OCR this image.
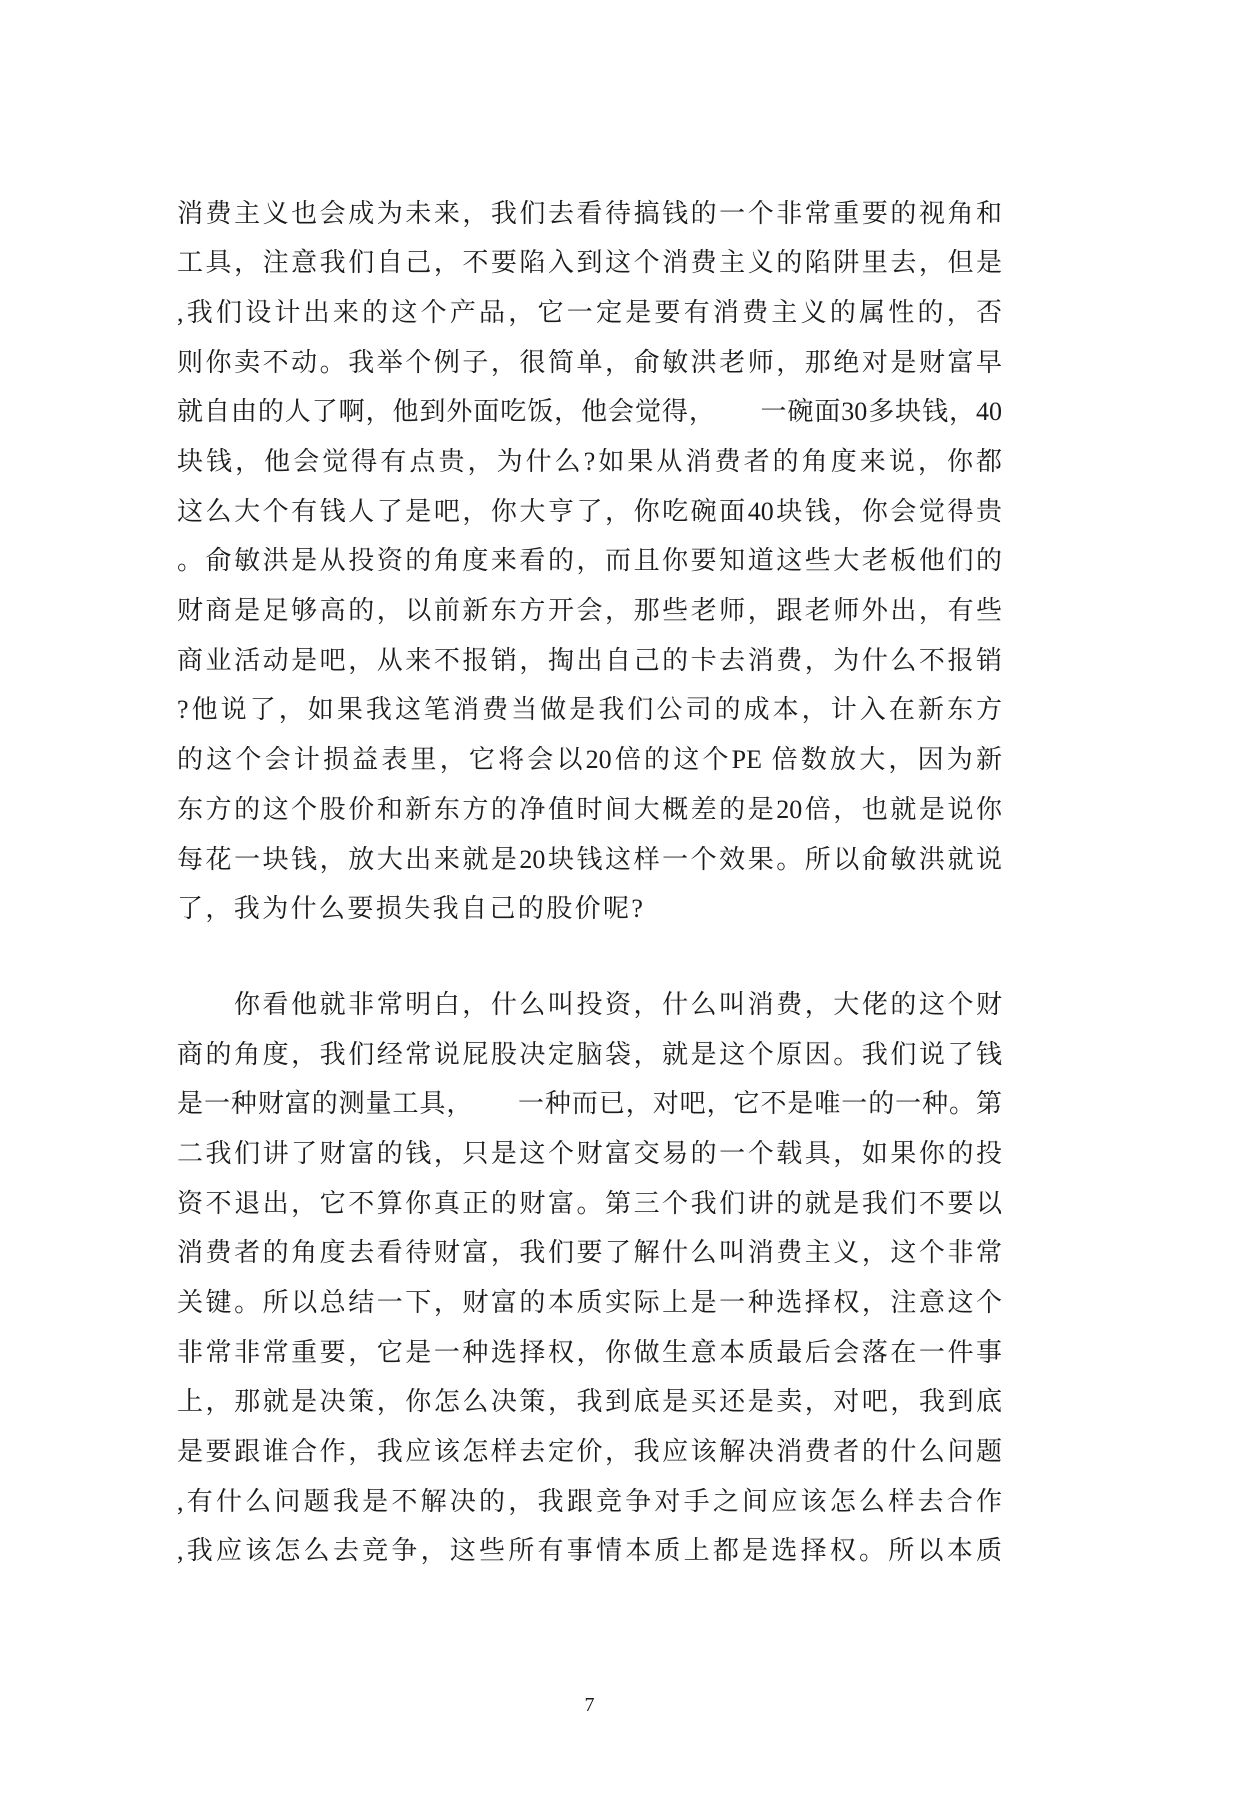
消费主义也会成为未来，我们去看待搞钱的一个非常重要的视角和
工具，注意我们自己，不要陷入到这个消费主义的陷阱里去，但是
,我们设计出来的这个产品，它一定是要有消费主义的属性的，否
则你卖不动。我举个例子，很简单，俞敏洪老师，那绝对是财富早
就自由的人了啊，他到外面吃饭，他会觉得，      一碗面30多块钱，40
块钱，他会觉得有点贵，为什么?如果从消费者的角度来说，你都
这么大个有钱人了是吧，你大亨了，你吃碗面40块钱，你会觉得贵
。俞敏洪是从投资的角度来看的，而且你要知道这些大老板他们的
财商是足够高的，以前新东方开会，那些老师，跟老师外出，有些
商业活动是吧，从来不报销，掏出自己的卡去消费，为什么不报销
?他说了，如果我这笔消费当做是我们公司的成本，计入在新东方
的这个会计损益表里，它将会以20倍的这个PE 倍数放大，因为新
东方的这个股价和新东方的净值时间大概差的是20倍，也就是说你
每花一块钱，放大出来就是20块钱这样一个效果。所以俞敏洪就说
了，我为什么要损失我自己的股价呢?
你看他就非常明白，什么叫投资，什么叫消费，大佬的这个财
商的角度，我们经常说屁股决定脑袋，就是这个原因。我们说了钱
是一种财富的测量工具，      一种而已，对吧，它不是唯一的一种。第
二我们讲了财富的钱，只是这个财富交易的一个载具，如果你的投
资不退出，它不算你真正的财富。第三个我们讲的就是我们不要以
消费者的角度去看待财富，我们要了解什么叫消费主义，这个非常
关键。所以总结一下，财富的本质实际上是一种选择权，注意这个
非常非常重要，它是一种选择权，你做生意本质最后会落在一件事
上，那就是决策，你怎么决策，我到底是买还是卖，对吧，我到底
是要跟谁合作，我应该怎样去定价，我应该解决消费者的什么问题
,有什么问题我是不解决的，我跟竞争对手之间应该怎么样去合作
,我应该怎么去竞争，这些所有事情本质上都是选择权。所以本质
7
